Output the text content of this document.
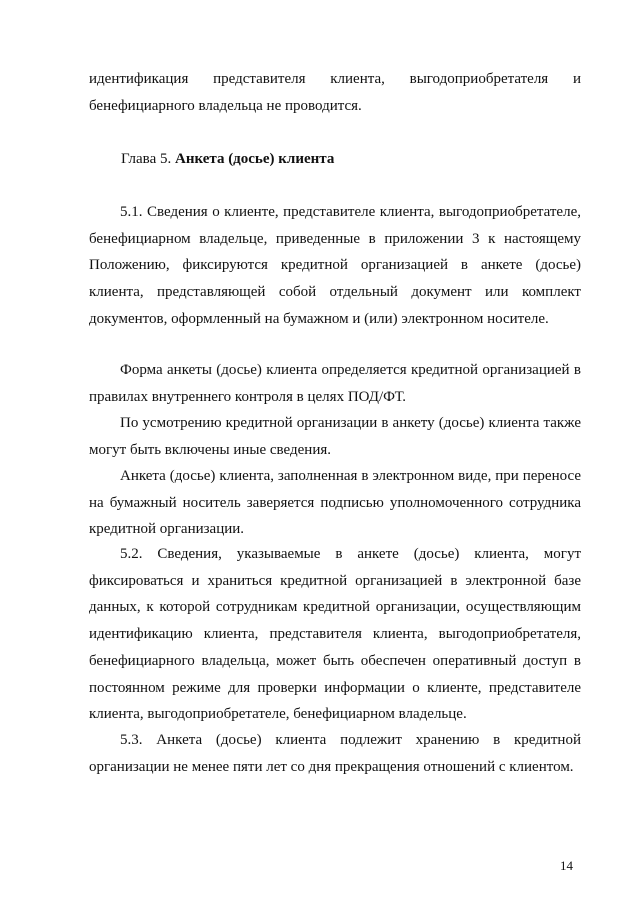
идентификация представителя клиента, выгодоприобретателя и бенефициарного владельца не проводится.

Глава 5. Анкета (досье) клиента

5.1. Сведения о клиенте, представителе клиента, выгодоприобретателе, бенефициарном владельце, приведенные в приложении 3 к настоящему Положению, фиксируются кредитной организацией в анкете (досье) клиента, представляющей собой отдельный документ или комплект документов, оформленный на бумажном и (или) электронном носителе.

Форма анкеты (досье) клиента определяется кредитной организацией в правилах внутреннего контроля в целях ПОД/ФТ.

По усмотрению кредитной организации в анкету (досье) клиента также могут быть включены иные сведения.

Анкета (досье) клиента, заполненная в электронном виде, при переносе на бумажный носитель заверяется подписью уполномоченного сотрудника кредитной организации.

5.2. Сведения, указываемые в анкете (досье) клиента, могут фиксироваться и храниться кредитной организацией в электронной базе данных, к которой сотрудникам кредитной организации, осуществляющим идентификацию клиента, представителя клиента, выгодоприобретателя, бенефициарного владельца, может быть обеспечен оперативный доступ в постоянном режиме для проверки информации о клиенте, представителе клиента, выгодоприобретателе, бенефициарном владельце.

5.3. Анкета (досье) клиента подлежит хранению в кредитной организации не менее пяти лет со дня прекращения отношений с клиентом.

14
